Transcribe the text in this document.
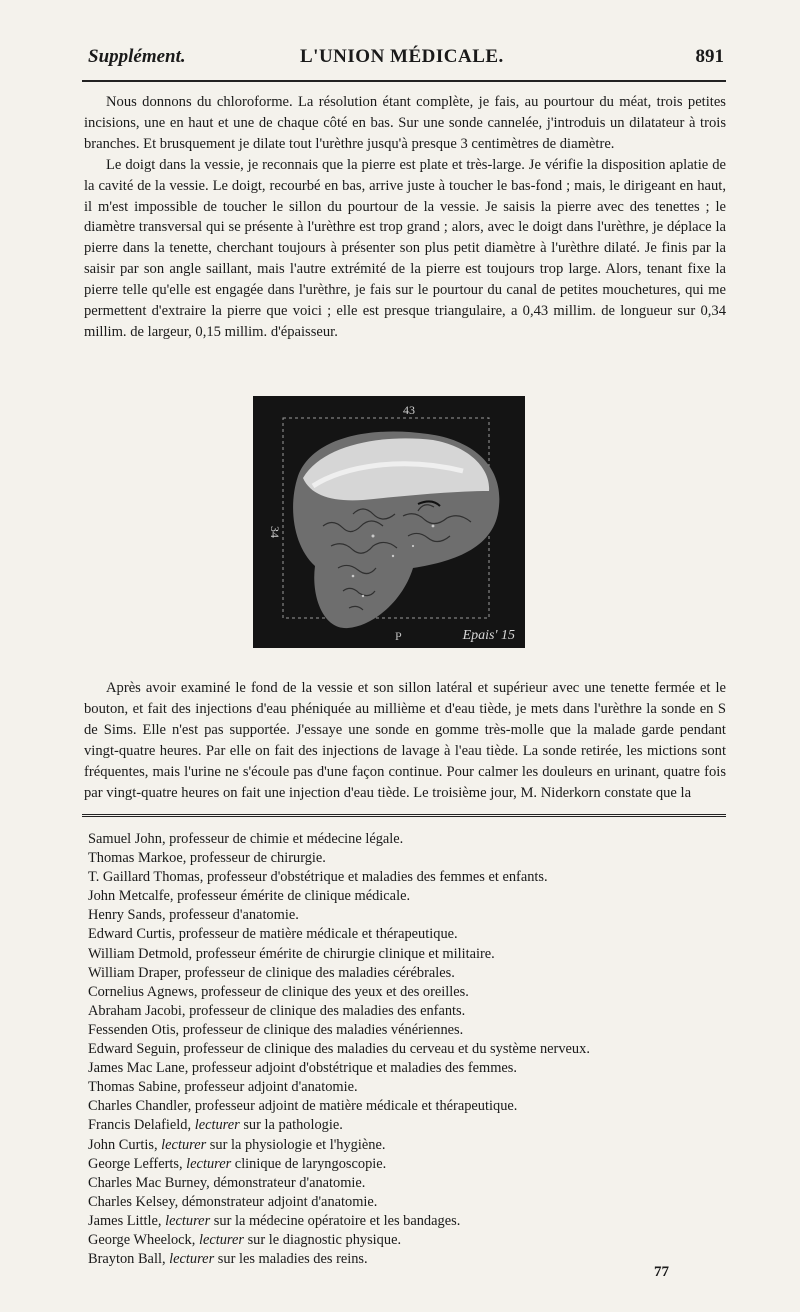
Supplément.	L'UNION MÉDICALE.	891

Nous donnons du chloroforme. La résolution étant complète, je fais, au pourtour du méat, trois petites incisions, une en haut et une de chaque côté en bas. Sur une sonde cannelée, j'introduis un dilatateur à trois branches. Et brusquement je dilate tout l'urèthre jusqu'à presque 3 centimètres de diamètre.

Le doigt dans la vessie, je reconnais que la pierre est plate et très-large. Je vérifie la disposition aplatie de la cavité de la vessie. Le doigt, recourbé en bas, arrive juste à toucher le bas-fond ; mais, le dirigeant en haut, il m'est impossible de toucher le sillon du pourtour de la vessie. Je saisis la pierre avec des tenettes ; le diamètre transversal qui se présente à l'urèthre est trop grand ; alors, avec le doigt dans l'urèthre, je déplace la pierre dans la tenette, cherchant toujours à présenter son plus petit diamètre à l'urèthre dilaté. Je finis par la saisir par son angle saillant, mais l'autre extrémité de la pierre est toujours trop large. Alors, tenant fixe la pierre telle qu'elle est engagée dans l'urèthre, je fais sur le pourtour du canal de petites mouchetures, qui me permettent d'extraire la pierre que voici ; elle est presque triangulaire, a 0,43 millim. de longueur sur 0,34 millim. de largeur, 0,15 millim. d'épaisseur.

43
34
P	Epais' 15

Après avoir examiné le fond de la vessie et son sillon latéral et supérieur avec une tenette fermée et le bouton, et fait des injections d'eau phéniquée au millième et d'eau tiède, je mets dans l'urèthre la sonde en S de Sims. Elle n'est pas supportée. J'essaye une sonde en gomme très-molle que la malade garde pendant vingt-quatre heures. Par elle on fait des injections de lavage à l'eau tiède. La sonde retirée, les mictions sont fréquentes, mais l'urine ne s'écoule pas d'une façon continue. Pour calmer les douleurs en urinant, quatre fois par vingt-quatre heures on fait une injection d'eau tiède. Le troisième jour, M. Niderkorn constate que la

Samuel John, professeur de chimie et médecine légale.
Thomas Markoe, professeur de chirurgie.
T. Gaillard Thomas, professeur d'obstétrique et maladies des femmes et enfants.
John Metcalfe, professeur émérite de clinique médicale.
Henry Sands, professeur d'anatomie.
Edward Curtis, professeur de matière médicale et thérapeutique.
William Detmold, professeur émérite de chirurgie clinique et militaire.
William Draper, professeur de clinique des maladies cérébrales.
Cornelius Agnews, professeur de clinique des yeux et des oreilles.
Abraham Jacobi, professeur de clinique des maladies des enfants.
Fessenden Otis, professeur de clinique des maladies vénériennes.
Edward Seguin, professeur de clinique des maladies du cerveau et du système nerveux.
James Mac Lane, professeur adjoint d'obstétrique et maladies des femmes.
Thomas Sabine, professeur adjoint d'anatomie.
Charles Chandler, professeur adjoint de matière médicale et thérapeutique.
Francis Delafield, lecturer sur la pathologie.
John Curtis, lecturer sur la physiologie et l'hygiène.
George Lefferts, lecturer clinique de laryngoscopie.
Charles Mac Burney, démonstrateur d'anatomie.
Charles Kelsey, démonstrateur adjoint d'anatomie.
James Little, lecturer sur la médecine opératoire et les bandages.
George Wheelock, lecturer sur le diagnostic physique.
Brayton Ball, lecturer sur les maladies des reins.
77
